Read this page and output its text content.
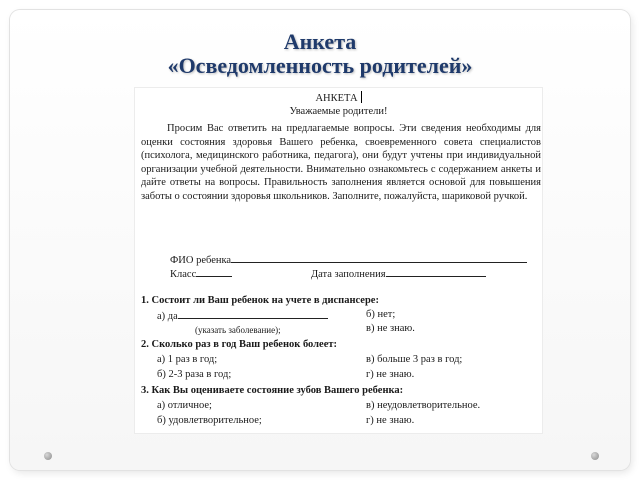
Анкета
«Осведомленность родителей»
АНКЕТА
Уважаемые родители!
Просим Вас ответить на предлагаемые вопросы. Эти сведения необходимы для оценки состояния здоровья Вашего ребенка, своевременного совета специалистов (психолога, медицинского работника, педагога), они будут учтены при индивидуальной организации учебной деятельности. Внимательно ознакомьтесь с содержанием анкеты и дайте ответы на вопросы. Правильность заполнения является основой для повышения заботы о состоянии здоровья школьников. Заполните, пожалуйста, шариковой ручкой.
ФИО ребенка
Класс	Дата заполнения
1. Состоит ли Ваш ребенок на учете в диспансере:
а) да	б) нет;
(указать заболевание);	в) не знаю.
2. Сколько раз в год Ваш ребенок болеет:
а) 1 раз в год;	в) больше 3 раз в год;
б) 2-3 раза в год;	г) не знаю.
3. Как Вы оцениваете состояние зубов Вашего ребенка:
а) отличное;	в) неудовлетворительное.
б) удовлетворительное;	г) не знаю.
